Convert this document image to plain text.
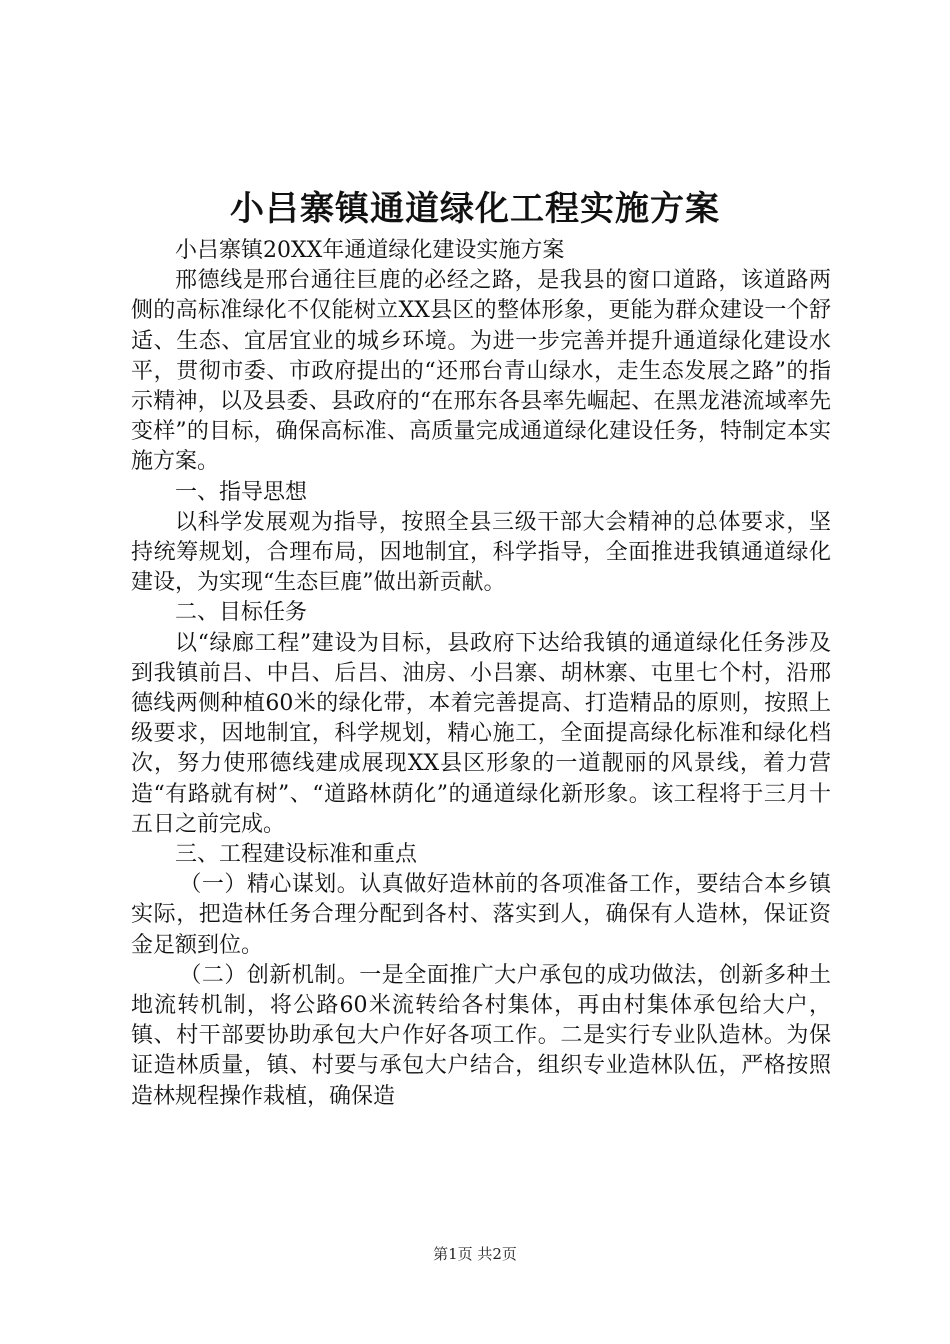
小吕寨镇通道绿化工程实施方案

小吕寨镇20XX年通道绿化建设实施方案

邢德线是邢台通往巨鹿的必经之路，是我县的窗口道路，该道路两侧的高标准绿化不仅能树立XX县区的整体形象，更能为群众建设一个舒适、生态、宜居宜业的城乡环境。为进一步完善并提升通道绿化建设水平，贯彻市委、市政府提出的“还邢台青山绿水，走生态发展之路”的指示精神，以及县委、县政府的“在邢东各县率先崛起、在黑龙港流域率先变样”的目标，确保高标准、高质量完成通道绿化建设任务，特制定本实施方案。

一、指导思想

以科学发展观为指导，按照全县三级干部大会精神的总体要求，坚持统筹规划，合理布局，因地制宜，科学指导，全面推进我镇通道绿化建设，为实现“生态巨鹿”做出新贡献。

二、目标任务

以“绿廊工程”建设为目标，县政府下达给我镇的通道绿化任务涉及到我镇前吕、中吕、后吕、油房、小吕寨、胡林寨、屯里七个村，沿邢德线两侧种植60米的绿化带，本着完善提高、打造精品的原则，按照上级要求，因地制宜，科学规划，精心施工，全面提高绿化标准和绿化档次，努力使邢德线建成展现XX县区形象的一道靓丽的风景线，着力营造“有路就有树”、“道路林荫化”的通道绿化新形象。该工程将于三月十五日之前完成。

三、工程建设标准和重点

（一）精心谋划。认真做好造林前的各项准备工作，要结合本乡镇实际，把造林任务合理分配到各村、落实到人，确保有人造林，保证资金足额到位。

（二）创新机制。一是全面推广大户承包的成功做法，创新多种土地流转机制，将公路60米流转给各村集体，再由村集体承包给大户，镇、村干部要协助承包大户作好各项工作。二是实行专业队造林。为保证造林质量，镇、村要与承包大户结合，组织专业造林队伍，严格按照造林规程操作栽植，确保造

第1页 共2页
